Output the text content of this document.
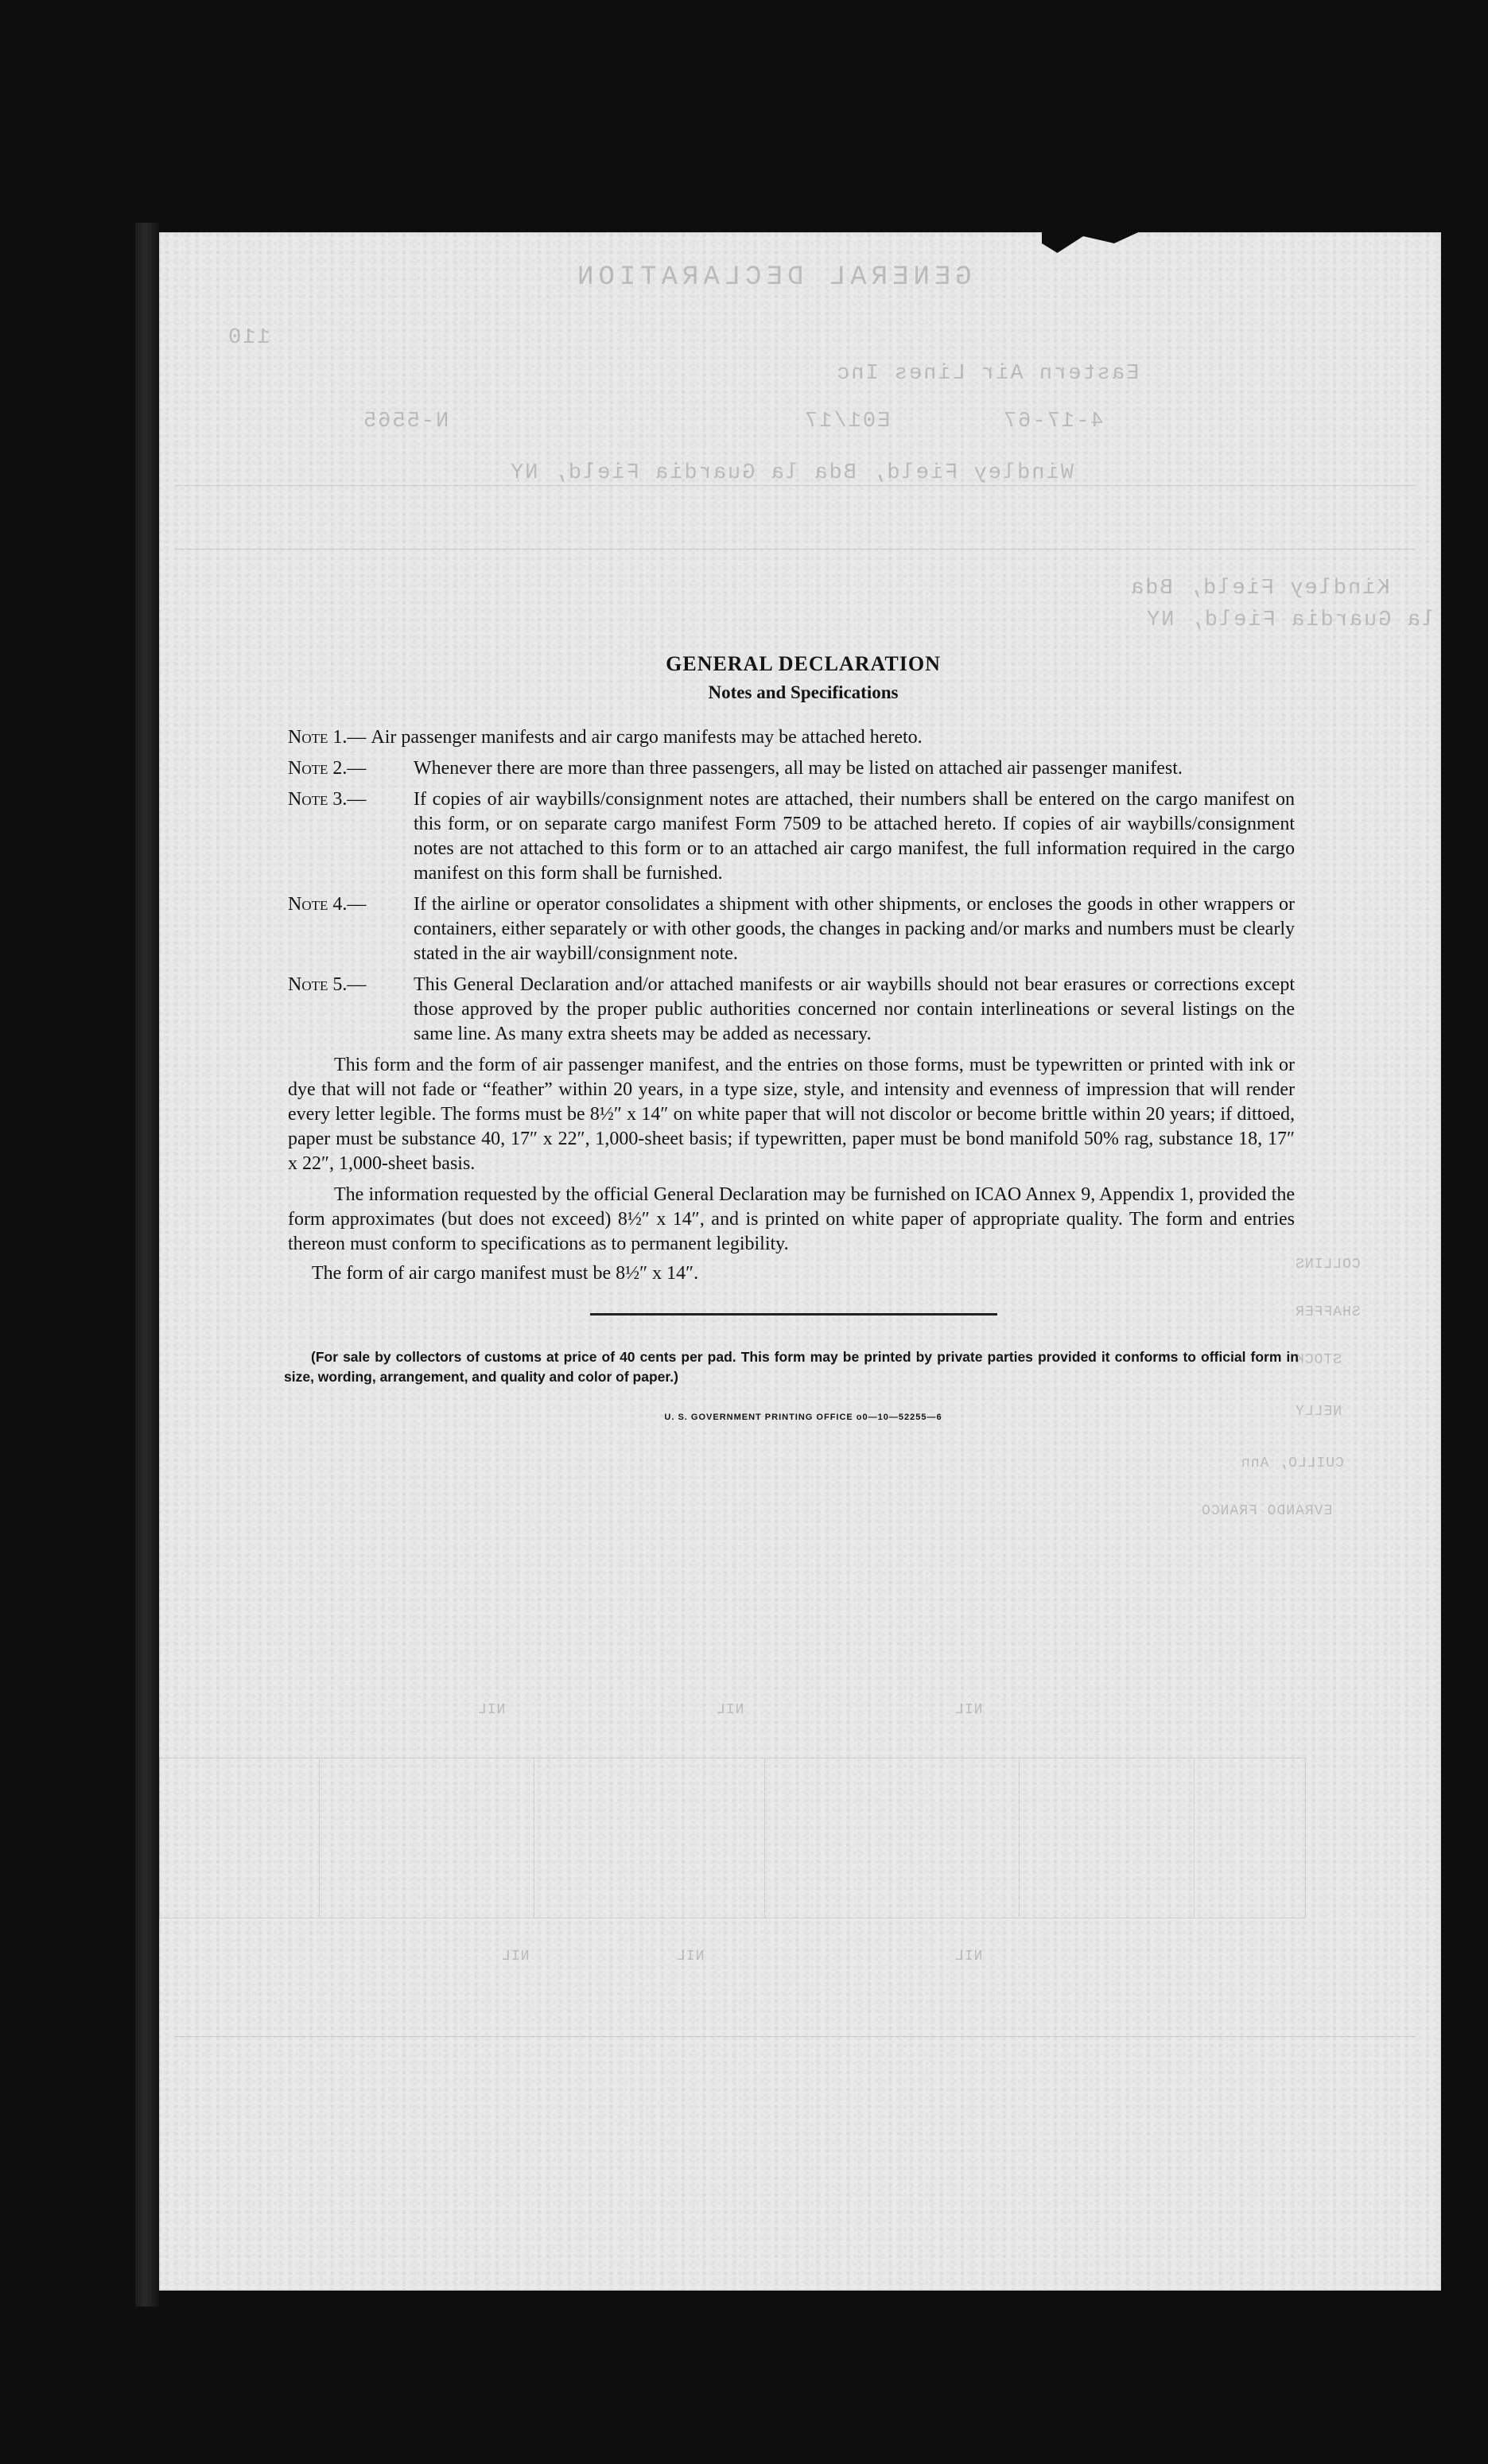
GENERAL DECLARATION
110
Eastern Air Lines Inc
N-5565	E01/17	4-17-67
Windley Field, Bda la Guardia Field, NY
Kindley Field, Bda
la Guardia Field, NY
COLLINS
SHAFFER
STOCK
NELLY
CUILLO, Ann
EVRANDO FRANCO
NIL	NIL	NIL
NIL	NIL	NIL
GENERAL DECLARATION
Notes and Specifications
Note 1.— Air passenger manifests and air cargo manifests may be attached hereto.
Note 2.—	Whenever there are more than three passengers, all may be listed on attached air passenger manifest.
Note 3.—	If copies of air waybills/consignment notes are attached, their numbers shall be entered on the cargo manifest on this form, or on separate cargo manifest Form 7509 to be attached hereto. If copies of air waybills/consignment notes are not attached to this form or to an attached air cargo manifest, the full information required in the cargo manifest on this form shall be furnished.
Note 4.—	If the airline or operator consolidates a shipment with other shipments, or encloses the goods in other wrappers or containers, either separately or with other goods, the changes in packing and/or marks and numbers must be clearly stated in the air waybill/consignment note.
Note 5.—	This General Declaration and/or attached manifests or air waybills should not bear erasures or corrections except those approved by the proper public authorities concerned nor contain interlineations or several listings on the same line. As many extra sheets may be added as necessary.

This form and the form of air passenger manifest, and the entries on those forms, must be typewritten or printed with ink or dye that will not fade or “feather” within 20 years, in a type size, style, and intensity and evenness of impression that will render every letter legible. The forms must be 8½″ x 14″ on white paper that will not discolor or become brittle within 20 years; if dittoed, paper must be substance 40, 17″ x 22″, 1,000-sheet basis; if typewritten, paper must be bond manifold 50% rag, substance 18, 17″ x 22″, 1,000-sheet basis.

The information requested by the official General Declaration may be furnished on ICAO Annex 9, Appendix 1, provided the form approximates (but does not exceed) 8½″ x 14″, and is printed on white paper of appropriate quality. The form and entries thereon must conform to specifications as to permanent legibility.

The form of air cargo manifest must be 8½″ x 14″.

(For sale by collectors of customs at price of 40 cents per pad. This form may be printed by private parties provided it conforms to official form in size, wording, arrangement, and quality and color of paper.)
U. S. GOVERNMENT PRINTING OFFICE o0—10—52255—6
